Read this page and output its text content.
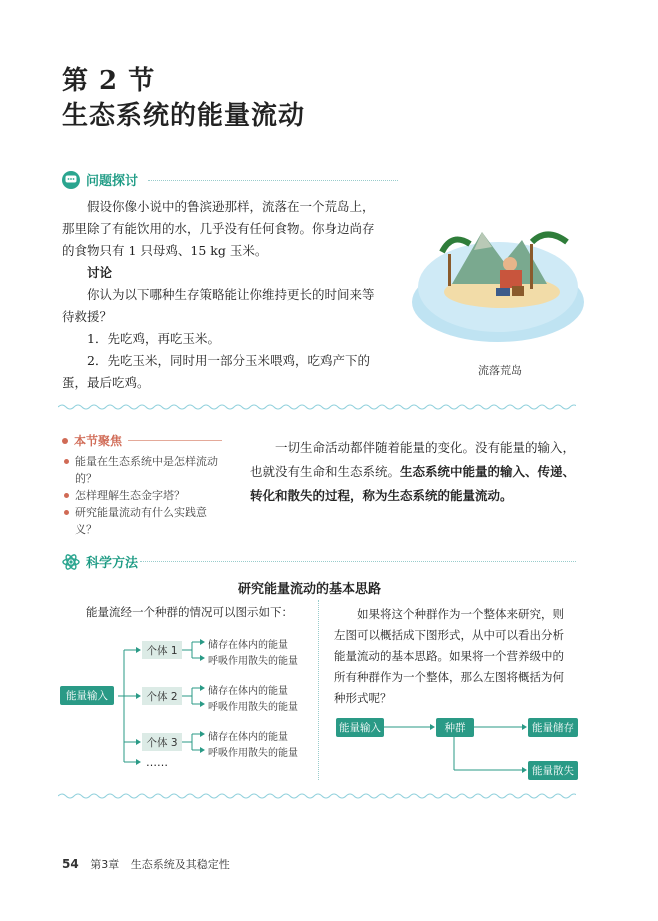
第 2 节
生态系统的能量流动
问题探讨
假设你像小说中的鲁滨逊那样，流落在一个荒岛上，
那里除了有能饮用的水，几乎没有任何食物。你身边尚存
的食物只有 1 只母鸡、15 kg 玉米。
讨论
你认为以下哪种生存策略能让你维持更长的时间来等
待救援？
1．先吃鸡，再吃玉米。
2．先吃玉米，同时用一部分玉米喂鸡，吃鸡产下的
蛋，最后吃鸡。
流落荒岛
本节聚焦
能量在生态系统中是怎样流动
的？
怎样理解生态金字塔？
研究能量流动有什么实践意义？
一切生命活动都伴随着能量的变化。没有能量的输入，
也就没有生命和生态系统。生态系统中能量的输入、传递、
转化和散失的过程，称为生态系统的能量流动。
科学方法
研究能量流动的基本思路
能量流经一个种群的情况可以图示如下：
能量输入
个体 1
个体 2
个体 3
……
储存在体内的能量
呼吸作用散失的能量
储存在体内的能量
呼吸作用散失的能量
储存在体内的能量
呼吸作用散失的能量
如果将这个种群作为一个整体来研究，则
左图可以概括成下图形式，从中可以看出分析
能量流动的基本思路。如果将一个营养级中的
所有种群作为一个整体，那么左图将概括为何
种形式呢？
能量输入	种群	能量储存
能量散失
54 第3章 生态系统及其稳定性
